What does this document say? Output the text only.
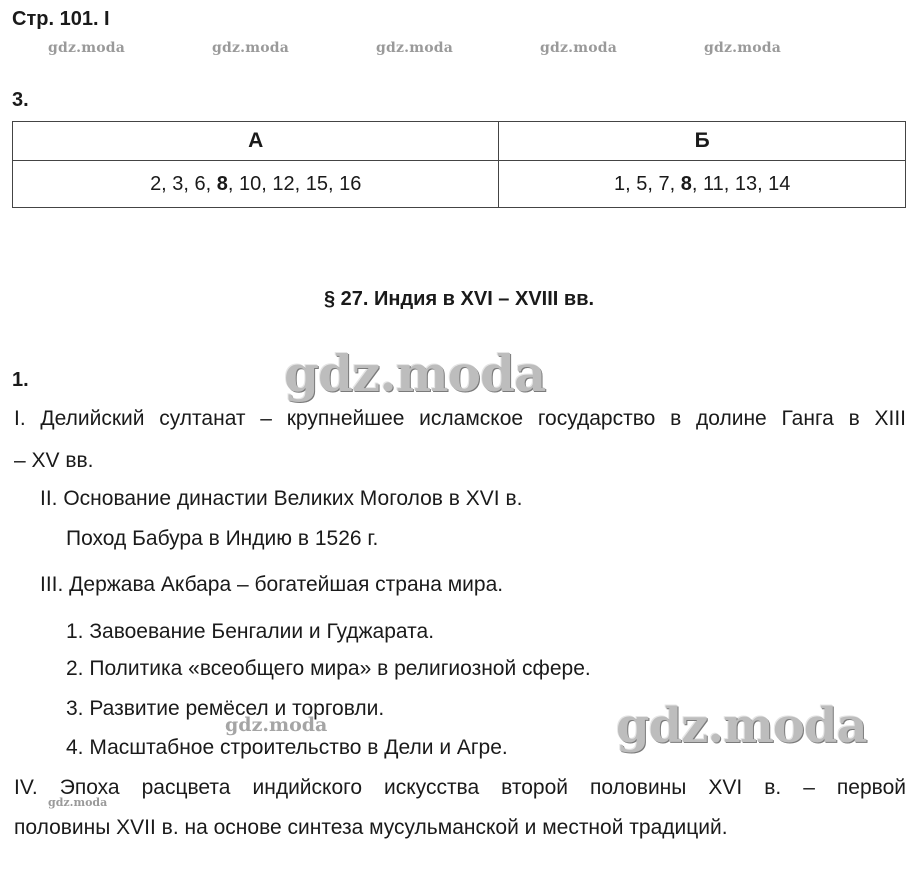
Стр. 101. I
gdz.moda	gdz.moda	gdz.moda	gdz.moda	gdz.moda
3.
А	Б
2, 3, 6, 8, 10, 12, 15, 16	1, 5, 7, 8, 11, 13, 14
§ 27. Индия в XVI – XVIII вв.
gdz.moda
1.
I. Делийский султанат – крупнейшее исламское государство в долине Ганга в XIII
– XV вв.
II. Основание династии Великих Моголов в XVI в.
Поход Бабура в Индию в 1526 г.
III. Держава Акбара – богатейшая страна мира.
1. Завоевание Бенгалии и Гуджарата.
2. Политика «всеобщего мира» в религиозной сфере.
3. Развитие ремёсел и торговли.
gdz.moda	gdz.moda
4. Масштабное строительство в Дели и Агре.
IV. Эпоха расцвета индийского искусства второй половины XVI в. – первой
gdz.moda
половины XVII в. на основе синтеза мусульманской и местной традиций.
